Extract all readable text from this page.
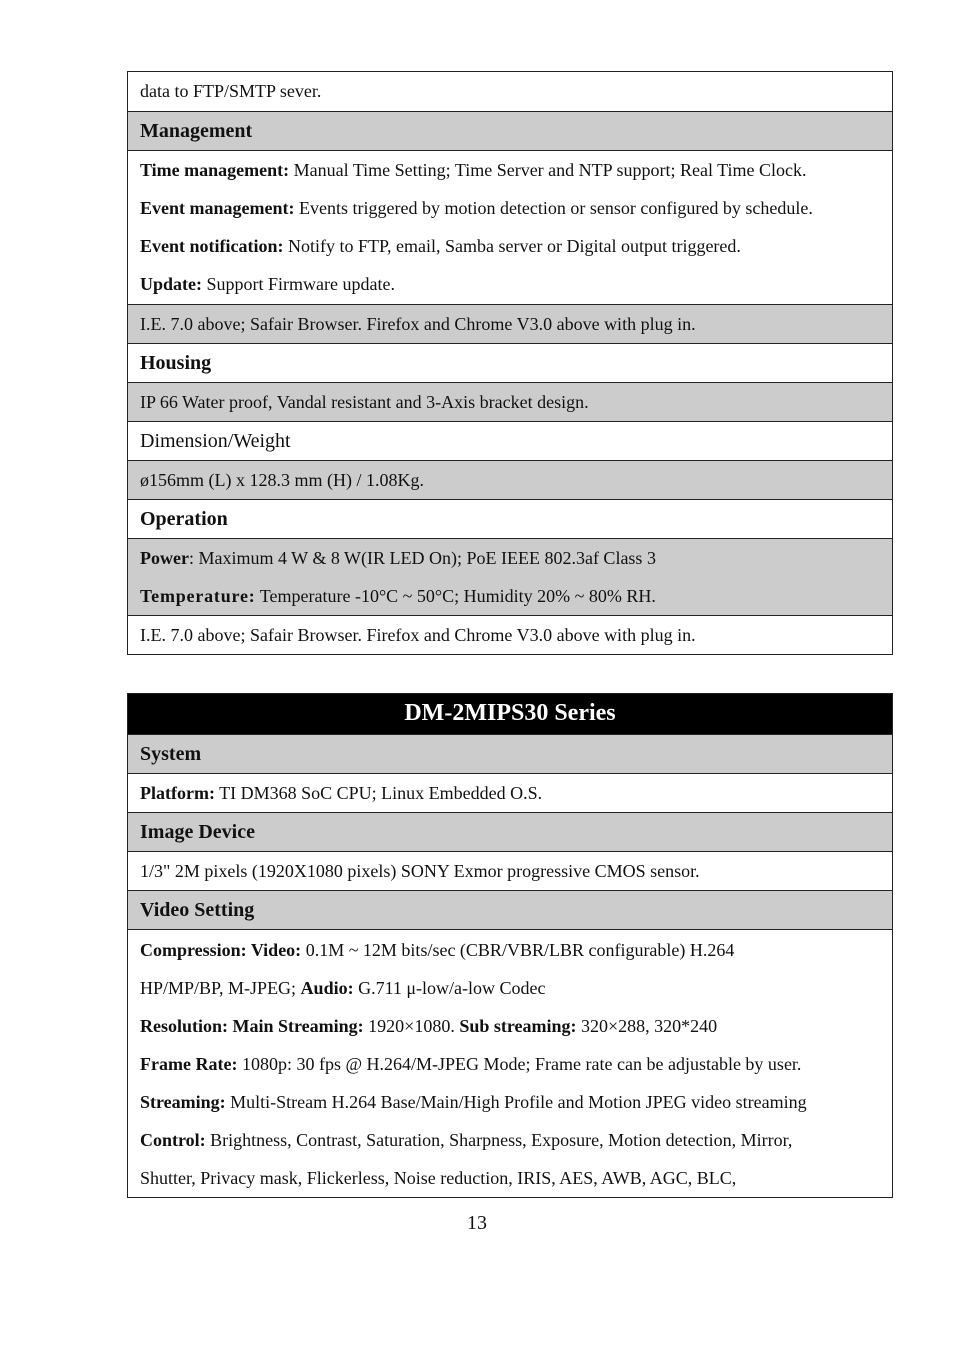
data to FTP/SMTP sever.
Management
Time management: Manual Time Setting; Time Server and NTP support; Real Time Clock.
Event management: Events triggered by motion detection or sensor configured by schedule.
Event notification: Notify to FTP, email, Samba server or Digital output triggered.
Update: Support Firmware update.
I.E. 7.0 above; Safair Browser. Firefox and Chrome V3.0 above with plug in.
Housing
IP 66 Water proof, Vandal resistant and 3-Axis bracket design.
Dimension/Weight
ø156mm (L) x 128.3 mm (H) / 1.08Kg.
Operation
Power: Maximum 4 W & 8 W(IR LED On); PoE IEEE 802.3af Class 3
Temperature: Temperature -10°C ~ 50°C; Humidity 20% ~ 80% RH.
I.E. 7.0 above; Safair Browser. Firefox and Chrome V3.0 above with plug in.
DM-2MIPS30 Series
System
Platform: TI DM368 SoC CPU; Linux Embedded O.S.
Image Device
1/3" 2M pixels (1920X1080 pixels) SONY Exmor progressive CMOS sensor.
Video Setting
Compression: Video: 0.1M ~ 12M bits/sec (CBR/VBR/LBR configurable) H.264
HP/MP/BP, M-JPEG; Audio: G.711 μ-low/a-low Codec
Resolution: Main Streaming: 1920×1080. Sub streaming: 320×288, 320*240
Frame Rate: 1080p: 30 fps @ H.264/M-JPEG Mode; Frame rate can be adjustable by user.
Streaming: Multi-Stream H.264 Base/Main/High Profile and Motion JPEG video streaming
Control: Brightness, Contrast, Saturation, Sharpness, Exposure, Motion detection, Mirror,
Shutter, Privacy mask, Flickerless, Noise reduction, IRIS, AES, AWB, AGC, BLC,
13
